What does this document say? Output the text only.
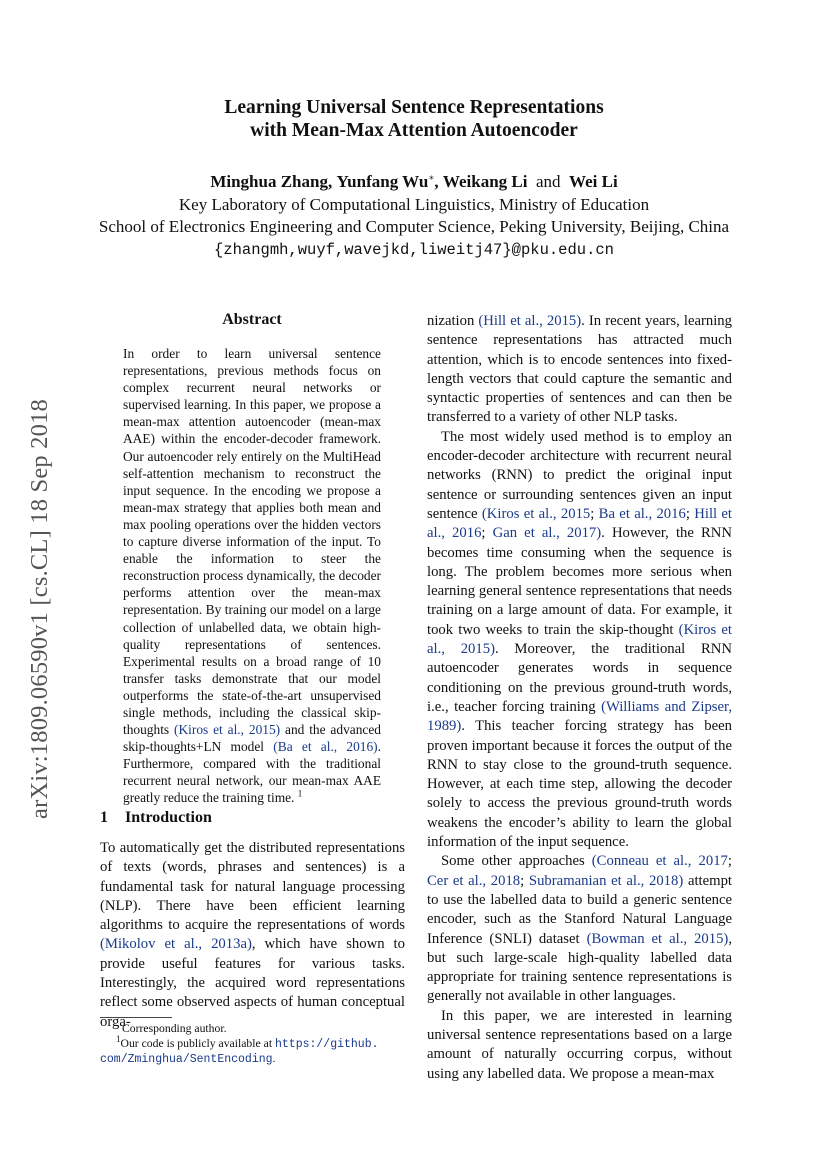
arXiv:1809.06590v1 [cs.CL] 18 Sep 2018
Learning Universal Sentence Representations
with Mean-Max Attention Autoencoder
Minghua Zhang, Yunfang Wu∗, Weikang Li and Wei Li
Key Laboratory of Computational Linguistics, Ministry of Education
School of Electronics Engineering and Computer Science, Peking University, Beijing, China
{zhangmh,wuyf,wavejkd,liweitj47}@pku.edu.cn
Abstract
In order to learn universal sentence representations, previous methods focus on complex recurrent neural networks or supervised learning. In this paper, we propose a mean-max attention autoencoder (mean-max AAE) within the encoder-decoder framework. Our autoencoder rely entirely on the MultiHead self-attention mechanism to reconstruct the input sequence. In the encoding we propose a mean-max strategy that applies both mean and max pooling operations over the hidden vectors to capture diverse information of the input. To enable the information to steer the reconstruction process dynamically, the decoder performs attention over the mean-max representation. By training our model on a large collection of unlabelled data, we obtain high-quality representations of sentences. Experimental results on a broad range of 10 transfer tasks demonstrate that our model outperforms the state-of-the-art unsupervised single methods, including the classical skip-thoughts (Kiros et al., 2015) and the advanced skip-thoughts+LN model (Ba et al., 2016). Furthermore, compared with the traditional recurrent neural network, our mean-max AAE greatly reduce the training time. $^1$
1 Introduction

To automatically get the distributed representations of texts (words, phrases and sentences) is a fundamental task for natural language processing (NLP). There have been efficient learning algorithms to acquire the representations of words (Mikolov et al., 2013a), which have shown to provide useful features for various tasks. Interestingly, the acquired word representations reflect some observed aspects of human conceptual orga-

Corresponding author.

$^1$Our code is publicly available at https://github. com/Zminghua/SentEncoding.

nization (Hill et al., 2015). In recent years, learning sentence representations has attracted much attention, which is to encode sentences into fixed-length vectors that could capture the semantic and syntactic properties of sentences and can then be transferred to a variety of other NLP tasks.

The most widely used method is to employ an encoder-decoder architecture with recurrent neural networks (RNN) to predict the original input sentence or surrounding sentences given an input sentence (Kiros et al., 2015; Ba et al., 2016; Hill et al., 2016; Gan et al., 2017). However, the RNN becomes time consuming when the sequence is long. The problem becomes more serious when learning general sentence representations that needs training on a large amount of data. For example, it took two weeks to train the skip-thought (Kiros et al., 2015). Moreover, the traditional RNN autoencoder generates words in sequence conditioning on the previous ground-truth words, i.e., teacher forcing training (Williams and Zipser, 1989). This teacher forcing strategy has been proven important because it forces the output of the RNN to stay close to the ground-truth sequence. However, at each time step, allowing the decoder solely to access the previous ground-truth words weakens the encoder’s ability to learn the global information of the input sequence.

Some other approaches (Conneau et al., 2017; Cer et al., 2018; Subramanian et al., 2018) attempt to use the labelled data to build a generic sentence encoder, such as the Stanford Natural Language Inference (SNLI) dataset (Bowman et al., 2015), but such large-scale high-quality labelled data appropriate for training sentence representations is generally not available in other languages.

In this paper, we are interested in learning universal sentence representations based on a large amount of naturally occurring corpus, without using any labelled data. We propose a mean-max
